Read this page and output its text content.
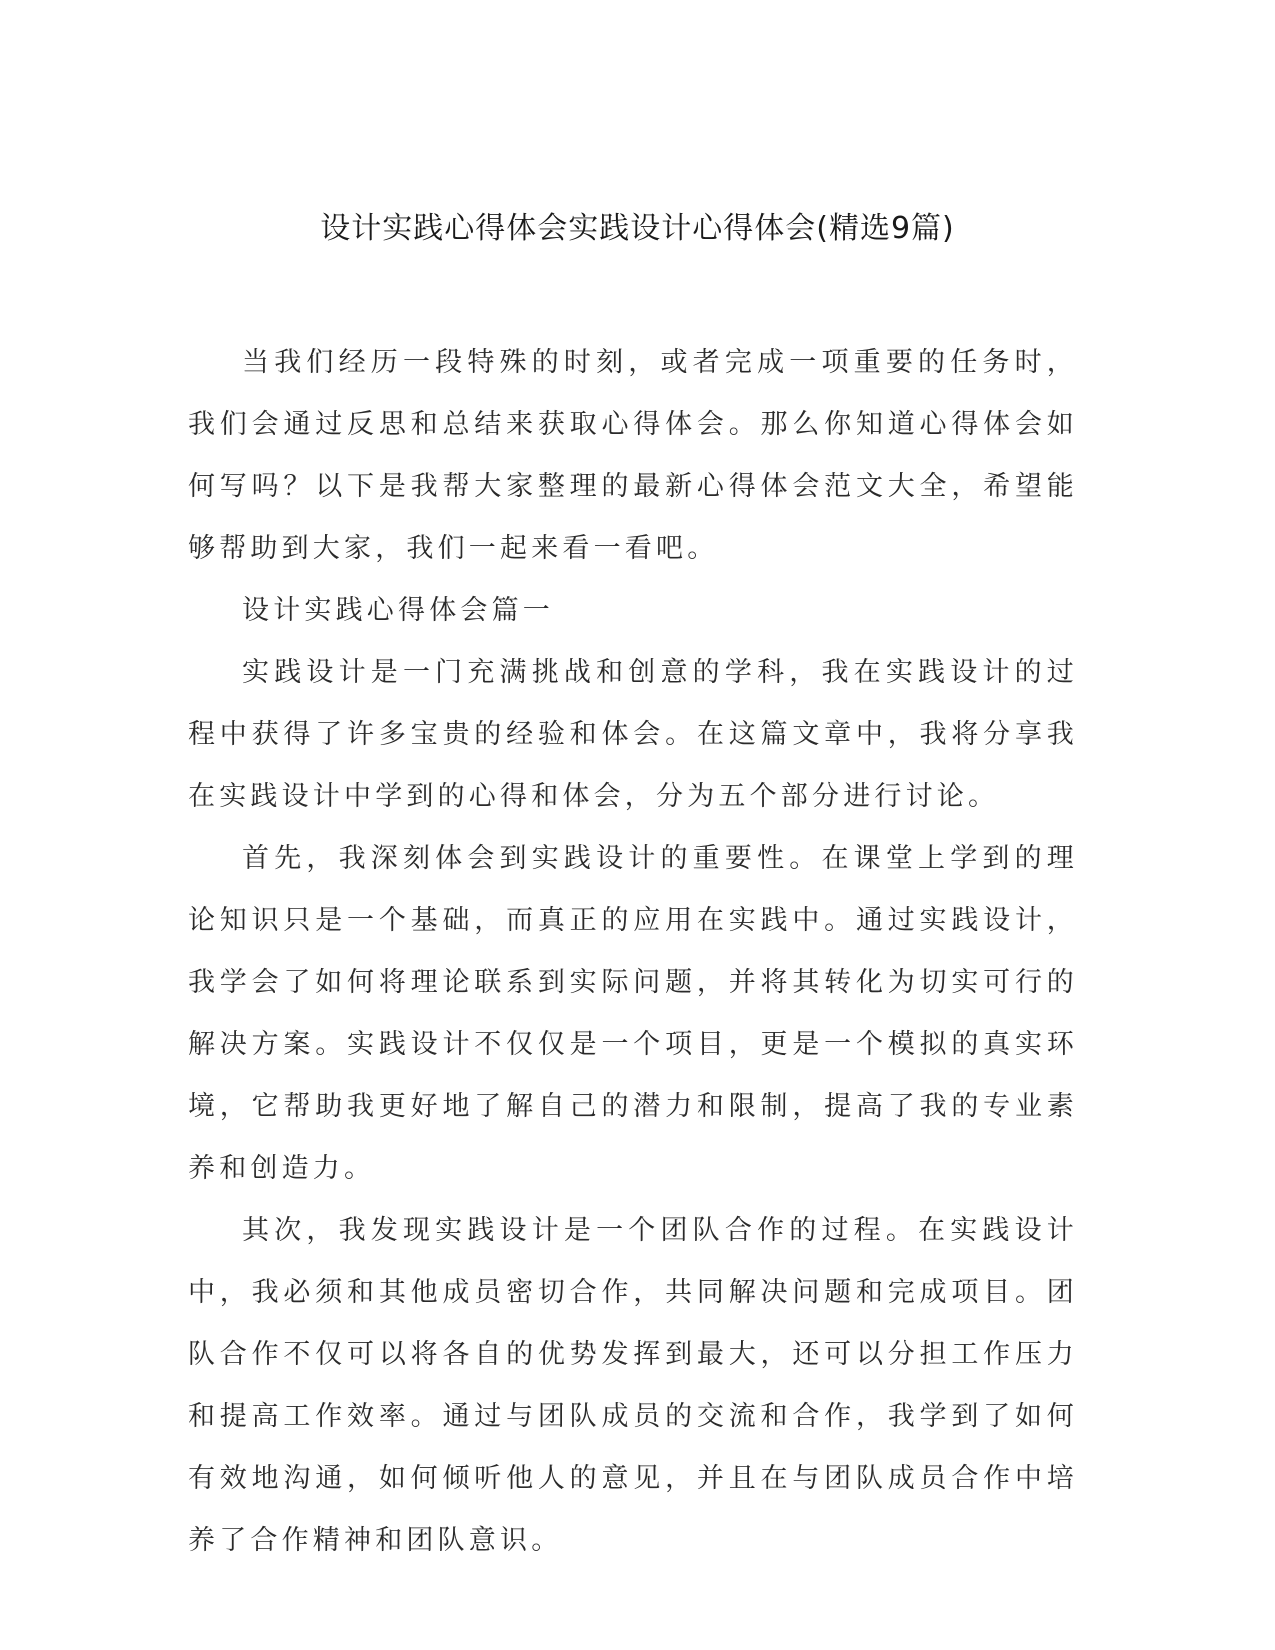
设计实践心得体会实践设计心得体会(精选9篇)

当我们经历一段特殊的时刻，或者完成一项重要的任务时，我们会通过反思和总结来获取心得体会。那么你知道心得体会如何写吗？以下是我帮大家整理的最新心得体会范文大全，希望能够帮助到大家，我们一起来看一看吧。

设计实践心得体会篇一

实践设计是一门充满挑战和创意的学科，我在实践设计的过程中获得了许多宝贵的经验和体会。在这篇文章中，我将分享我在实践设计中学到的心得和体会，分为五个部分进行讨论。

首先，我深刻体会到实践设计的重要性。在课堂上学到的理论知识只是一个基础，而真正的应用在实践中。通过实践设计，我学会了如何将理论联系到实际问题，并将其转化为切实可行的解决方案。实践设计不仅仅是一个项目，更是一个模拟的真实环境，它帮助我更好地了解自己的潜力和限制，提高了我的专业素养和创造力。

其次，我发现实践设计是一个团队合作的过程。在实践设计中，我必须和其他成员密切合作，共同解决问题和完成项目。团队合作不仅可以将各自的优势发挥到最大，还可以分担工作压力和提高工作效率。通过与团队成员的交流和合作，我学到了如何有效地沟通，如何倾听他人的意见，并且在与团队成员合作中培养了合作精神和团队意识。
